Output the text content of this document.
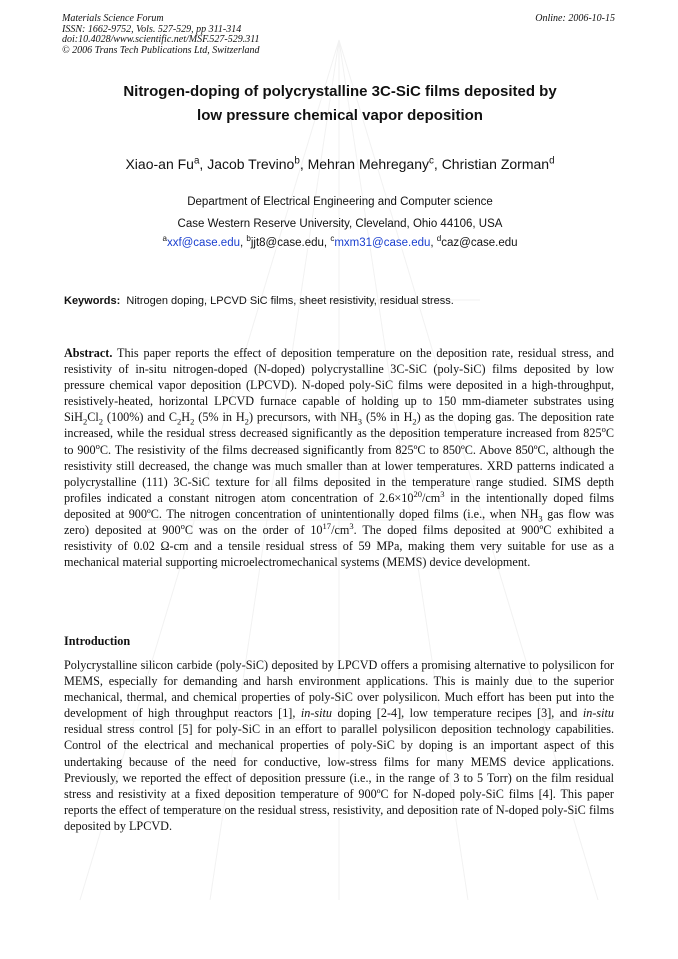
Materials Science Forum
ISSN: 1662-9752, Vols. 527-529, pp 311-314
doi:10.4028/www.scientific.net/MSF.527-529.311
© 2006 Trans Tech Publications Ltd, Switzerland
Online: 2006-10-15
Nitrogen-doping of polycrystalline 3C-SiC films deposited by
low pressure chemical vapor deposition
Xiao-an Fu$^a$, Jacob Trevino$^b$, Mehran Mehregany$^c$, Christian Zorman$^d$
Department of Electrical Engineering and Computer science
Case Western Reserve University, Cleveland, Ohio 44106, USA
$^a$xxf@case.edu, $^b$jjt8@case.edu, $^c$mxm31@case.edu, $^d$caz@case.edu
Keywords: Nitrogen doping, LPCVD SiC films, sheet resistivity, residual stress.
Abstract. This paper reports the effect of deposition temperature on the deposition rate, residual stress, and resistivity of in-situ nitrogen-doped (N-doped) polycrystalline 3C-SiC (poly-SiC) films deposited by low pressure chemical vapor deposition (LPCVD). N-doped poly-SiC films were deposited in a high-throughput, resistively-heated, horizontal LPCVD furnace capable of holding up to 150 mm-diameter substrates using $SiH_2Cl_2$ (100%) and $C_2H_2$ (5% in $H_2$) precursors, with $NH_3$ (5% in $H_2$) as the doping gas. The deposition rate increased, while the residual stress decreased significantly as the deposition temperature increased from 825$^o$C to 900$^o$C. The resistivity of the films decreased significantly from 825ºC to 850ºC. Above 850ºC, although the resistivity still decreased, the change was much smaller than at lower temperatures. XRD patterns indicated a polycrystalline (111) 3C-SiC texture for all films deposited in the temperature range studied. SIMS depth profiles indicated a constant nitrogen atom concentration of $2.6\times 10^{20}/cm^3$ in the intentionally doped films deposited at 900ºC. The nitrogen concentration of unintentionally doped films (i.e., when $NH_3$ gas flow was zero) deposited at 900$^o$C was on the order of $10^{17}/cm^3$. The doped films deposited at 900ºC exhibited a resistivity of 0.02 Ω-cm and a tensile residual stress of 59 MPa, making them very suitable for use as a mechanical material supporting microelectromechanical systems (MEMS) device development.
Introduction
Polycrystalline silicon carbide (poly-SiC) deposited by LPCVD offers a promising alternative to polysilicon for MEMS, especially for demanding and harsh environment applications. This is mainly due to the superior mechanical, thermal, and chemical properties of poly-SiC over polysilicon. Much effort has been put into the development of high throughput reactors [1], in-situ doping [2-4], low temperature recipes [3], and in-situ residual stress control [5] for poly-SiC in an effort to parallel polysilicon deposition technology capabilities. Control of the electrical and mechanical properties of poly-SiC by doping is an important aspect of this undertaking because of the need for conductive, low-stress films for many MEMS device applications. Previously, we reported the effect of deposition pressure (i.e., in the range of 3 to 5 Torr) on the film residual stress and resistivity at a fixed deposition temperature of 900ºC for N-doped poly-SiC films [4]. This paper reports the effect of temperature on the residual stress, resistivity, and deposition rate of N-doped poly-SiC films deposited by LPCVD.
